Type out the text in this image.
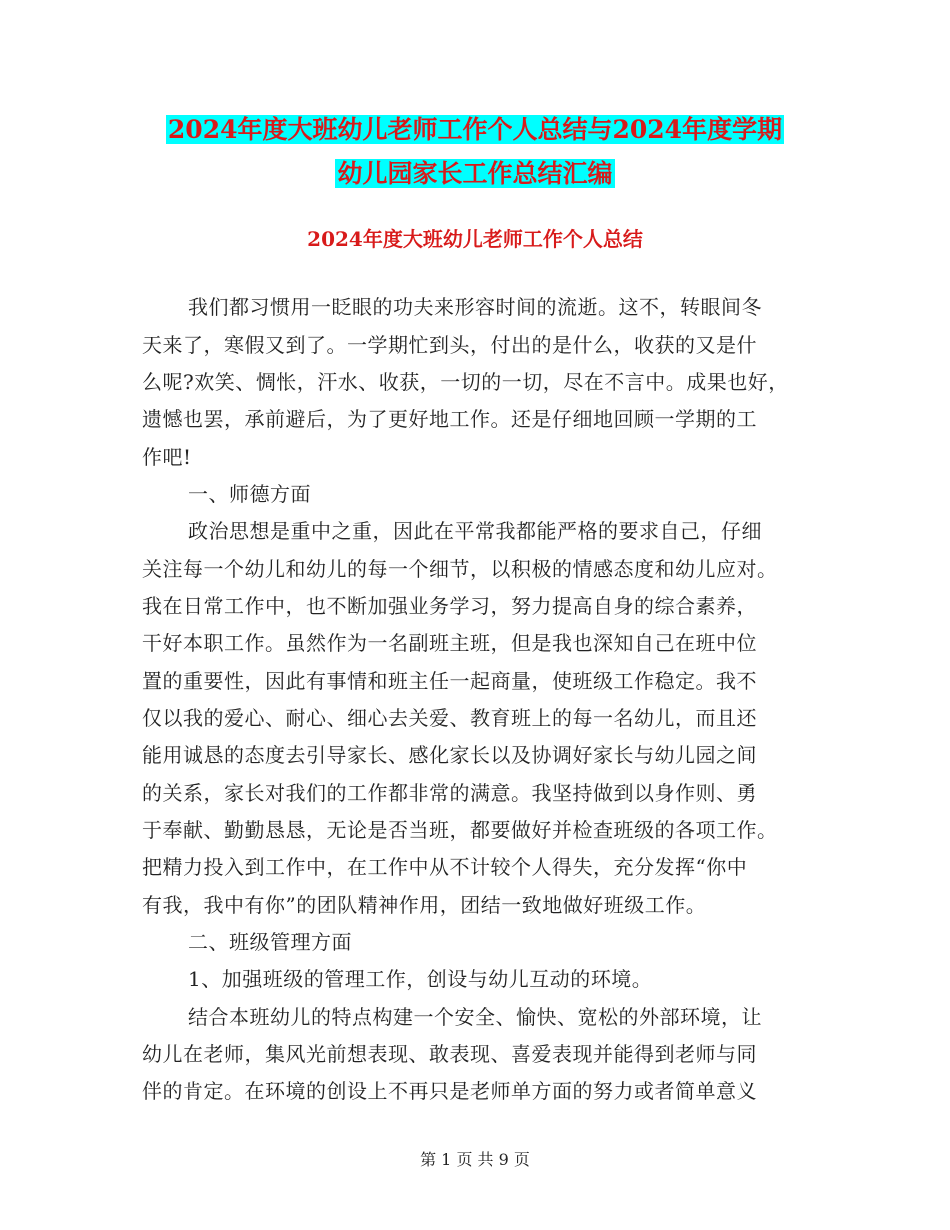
2024年度大班幼儿老师工作个人总结与2024年度学期
幼儿园家长工作总结汇编
2024年度大班幼儿老师工作个人总结
我们都习惯用一眨眼的功夫来形容时间的流逝。这不，转眼间冬
天来了，寒假又到了。一学期忙到头，付出的是什么，收获的又是什
么呢?欢笑、惆怅，汗水、收获，一切的一切，尽在不言中。成果也好，
遗憾也罢，承前避后，为了更好地工作。还是仔细地回顾一学期的工
作吧!
一、师德方面
政治思想是重中之重，因此在平常我都能严格的要求自己，仔细
关注每一个幼儿和幼儿的每一个细节，以积极的情感态度和幼儿应对。
我在日常工作中，也不断加强业务学习，努力提高自身的综合素养，
干好本职工作。虽然作为一名副班主班，但是我也深知自己在班中位
置的重要性，因此有事情和班主任一起商量，使班级工作稳定。我不
仅以我的爱心、耐心、细心去关爱、教育班上的每一名幼儿，而且还
能用诚恳的态度去引导家长、感化家长以及协调好家长与幼儿园之间
的关系，家长对我们的工作都非常的满意。我坚持做到以身作则、勇
于奉献、勤勤恳恳，无论是否当班，都要做好并检查班级的各项工作。
把精力投入到工作中，在工作中从不计较个人得失，充分发挥“你中
有我，我中有你”的团队精神作用，团结一致地做好班级工作。
二、班级管理方面
1、加强班级的管理工作，创设与幼儿互动的环境。
结合本班幼儿的特点构建一个安全、愉快、宽松的外部环境，让
幼儿在老师，集风光前想表现、敢表现、喜爱表现并能得到老师与同
伴的肯定。在环境的创设上不再只是老师单方面的努力或者简单意义
第 1 页 共 9 页
